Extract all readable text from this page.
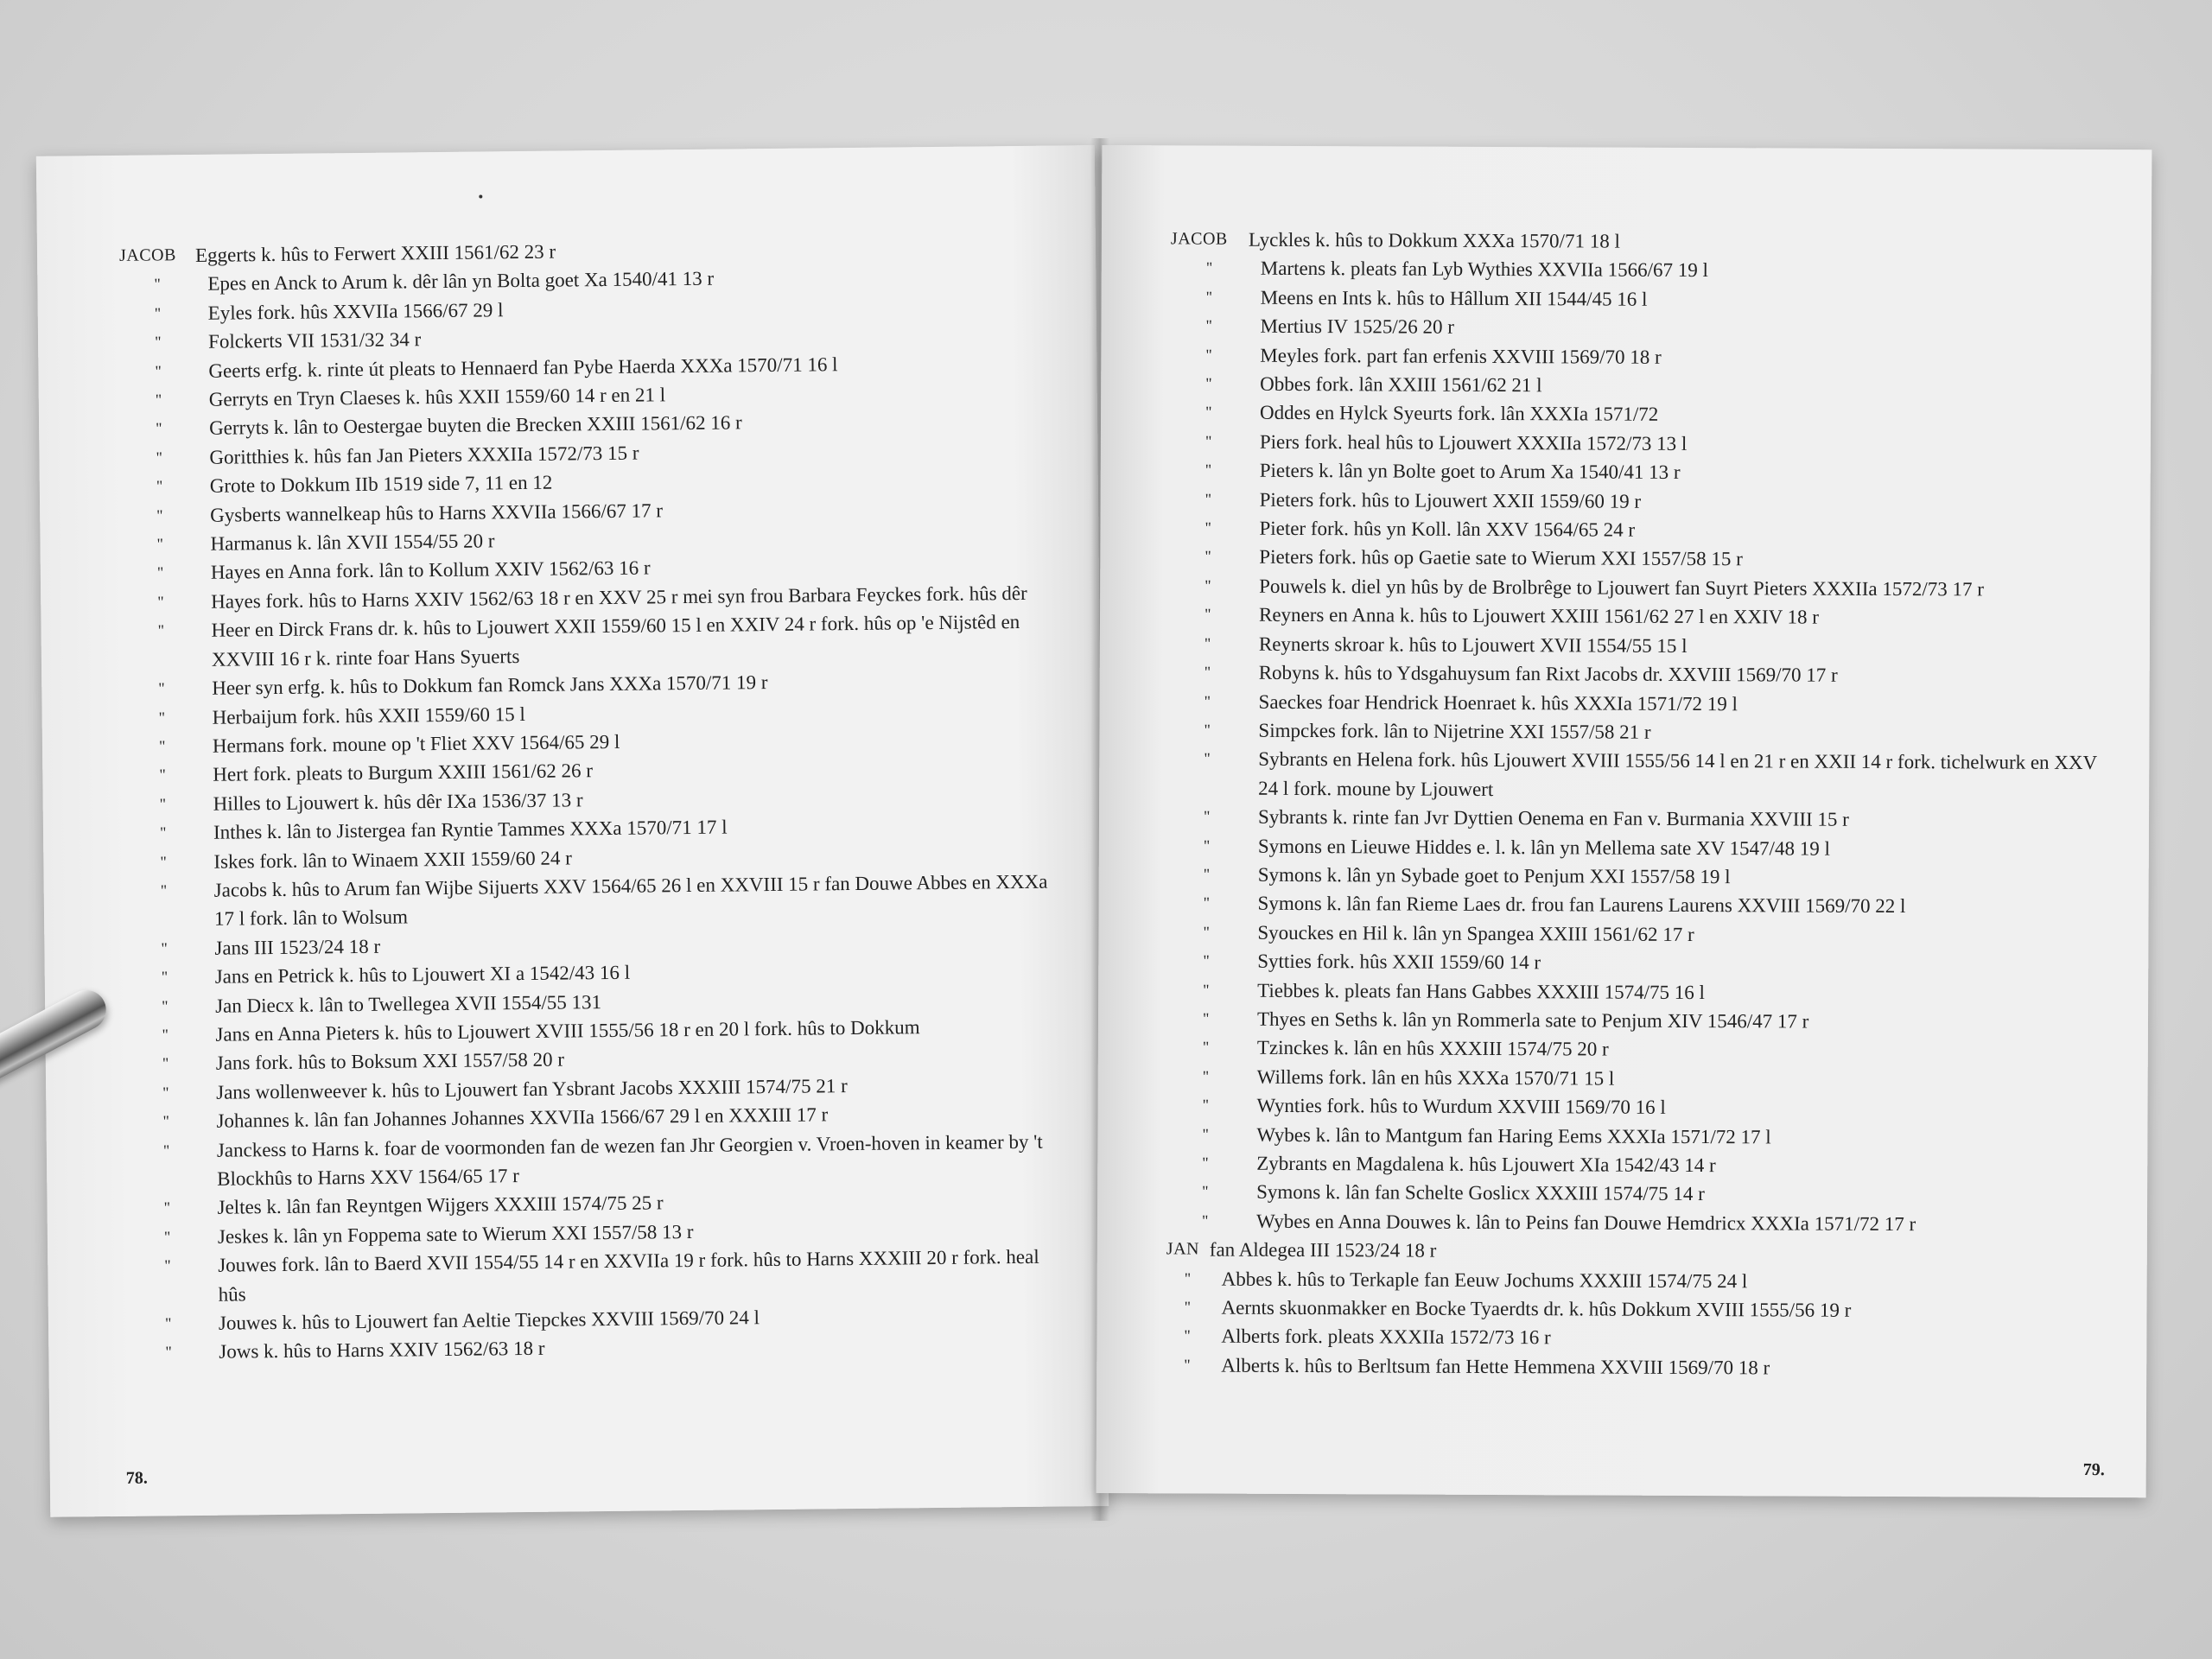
JACOB Eggerts k. hûs to Ferwert XXIII 1561/62 23 r
"	Epes en Anck to Arum k. dêr lân yn Bolta goet Xa 1540/41 13 r
"	Eyles fork. hûs XXVIIa 1566/67 29 l
"	Folckerts VII 1531/32 34 r
"	Geerts erfg. k. rinte út pleats to Hennaerd fan Pybe Haerda XXXa 1570/71 16 l
"	Gerryts en Tryn Claeses k. hûs XXII 1559/60 14 r en 21 l
"	Gerryts k. lân to Oestergae buyten die Brecken XXIII 1561/62 16 r
"	Goritthies k. hûs fan Jan Pieters XXXIIa 1572/73 15 r
"	Grote to Dokkum IIb 1519 side 7, 11 en 12
"	Gysberts wannelkeap hûs to Harns XXVIIa 1566/67 17 r
"	Harmanus k. lân XVII 1554/55 20 r
"	Hayes en Anna fork. lân to Kollum XXIV 1562/63 16 r
"	Hayes fork. hûs to Harns XXIV 1562/63 18 r en XXV 25 r mei syn frou Barbara Feyckes fork. hûs dêr
"	Heer en Dirck Frans dr. k. hûs to Ljouwert XXII 1559/60 15 l en XXIV 24 r fork. hûs op 'e Nijstêd en XXVIII 16 r k. rinte foar Hans Syuerts
"	Heer syn erfg. k. hûs to Dokkum fan Romck Jans XXXa 1570/71 19 r
"	Herbaijum fork. hûs XXII 1559/60 15 l
"	Hermans fork. moune op 't Fliet XXV 1564/65 29 l
"	Hert fork. pleats to Burgum XXIII 1561/62 26 r
"	Hilles to Ljouwert k. hûs dêr IXa 1536/37 13 r
"	Inthes k. lân to Jistergea fan Ryntie Tammes XXXa 1570/71 17 l
"	Iskes fork. lân to Winaem XXII 1559/60 24 r
"	Jacobs k. hûs to Arum fan Wijbe Sijuerts XXV 1564/65 26 l en XXVIII 15 r fan Douwe Abbes en XXXa 17 l fork. lân to Wolsum
"	Jans III 1523/24 18 r
"	Jans en Petrick k. hûs to Ljouwert XI a 1542/43 16 l
"	Jan Diecx k. lân to Twellegea XVII 1554/55 131
"	Jans en Anna Pieters k. hûs to Ljouwert XVIII 1555/56 18 r en 20 l fork. hûs to Dokkum
"	Jans fork. hûs to Boksum XXI 1557/58 20 r
"	Jans wollenweever k. hûs to Ljouwert fan Ysbrant Jacobs XXXIII 1574/75 21 r
"	Johannes k. lân fan Johannes Johannes XXVIIa 1566/67 29 l en XXXIII 17 r
"	Janckess to Harns k. foar de voormonden fan de wezen fan Jhr Georgien v. Vroen-hoven in keamer by 't Blockhûs to Harns XXV 1564/65 17 r
"	Jeltes k. lân fan Reyntgen Wijgers XXXIII 1574/75 25 r
"	Jeskes k. lân yn Foppema sate to Wierum XXI 1557/58 13 r
"	Jouwes fork. lân to Baerd XVII 1554/55 14 r en XXVIIa 19 r fork. hûs to Harns XXXIII 20 r fork. heal hûs
"	Jouwes k. hûs to Ljouwert fan Aeltie Tiepckes XXVIII 1569/70 24 l
"	Jows k. hûs to Harns XXIV 1562/63 18 r
78.
JACOB	Lyckles k. hûs to Dokkum XXXa 1570/71 18 l
"	Martens k. pleats fan Lyb Wythies XXVIIa 1566/67 19 l
"	Meens en Ints k. hûs to Hâllum XII 1544/45 16 l
"	Mertius IV 1525/26 20 r
"	Meyles fork. part fan erfenis XXVIII 1569/70 18 r
"	Obbes fork. lân XXIII 1561/62 21 l
"	Oddes en Hylck Syeurts fork. lân XXXIa 1571/72
"	Piers fork. heal hûs to Ljouwert XXXIIa 1572/73 13 l
"	Pieters k. lân yn Bolte goet to Arum Xa 1540/41 13 r
"	Pieters fork. hûs to Ljouwert XXII 1559/60 19 r
"	Pieter fork. hûs yn Koll. lân XXV 1564/65 24 r
"	Pieters fork. hûs op Gaetie sate to Wierum XXI 1557/58 15 r
"	Pouwels k. diel yn hûs by de Brolbrêge to Ljouwert fan Suyrt Pieters XXXIIa 1572/73 17 r
"	Reyners en Anna k. hûs to Ljouwert XXIII 1561/62 27 l en XXIV 18 r
"	Reynerts skroar k. hûs to Ljouwert XVII 1554/55 15 l
"	Robyns k. hûs to Ydsgahuysum fan Rixt Jacobs dr. XXVIII 1569/70 17 r
"	Saeckes foar Hendrick Hoenraet k. hûs XXXIa 1571/72 19 l
"	Simpckes fork. lân to Nijetrine XXI 1557/58 21 r
"	Sybrants en Helena fork. hûs Ljouwert XVIII 1555/56 14 l en 21 r en XXII 14 r fork. tichelwurk en XXV 24 l fork. moune by Ljouwert
"	Sybrants k. rinte fan Jvr Dyttien Oenema en Fan v. Burmania XXVIII 15 r
"	Symons en Lieuwe Hiddes e. l. k. lân yn Mellema sate XV 1547/48 19 l
"	Symons k. lân yn Sybade goet to Penjum XXI 1557/58 19 l
"	Symons k. lân fan Rieme Laes dr. frou fan Laurens Laurens XXVIII 1569/70 22 l
"	Syouckes en Hil k. lân yn Spangea XXIII 1561/62 17 r
"	Sytties fork. hûs XXII 1559/60 14 r
"	Tiebbes k. pleats fan Hans Gabbes XXXIII 1574/75 16 l
"	Thyes en Seths k. lân yn Rommerla sate to Penjum XIV 1546/47 17 r
"	Tzinckes k. lân en hûs XXXIII 1574/75 20 r
"	Willems fork. lân en hûs XXXa 1570/71 15 l
"	Wynties fork. hûs to Wurdum XXVIII 1569/70 16 l
"	Wybes k. lân to Mantgum fan Haring Eems XXXIa 1571/72 17 l
"	Zybrants en Magdalena k. hûs Ljouwert XIa 1542/43 14 r
"	Symons k. lân fan Schelte Goslicx XXXIII 1574/75 14 r
"	Wybes en Anna Douwes k. lân to Peins fan Douwe Hemdricx XXXIa 1571/72 17 r
JAN fan Aldegea III 1523/24 18 r
"	Abbes k. hûs to Terkaple fan Eeuw Jochums XXXIII 1574/75 24 l
"	Aernts skuonmakker en Bocke Tyaerdts dr. k. hûs Dokkum XVIII 1555/56 19 r
"	Alberts fork. pleats XXXIIa 1572/73 16 r
"	Alberts k. hûs to Berltsum fan Hette Hemmena XXVIII 1569/70 18 r
79.
